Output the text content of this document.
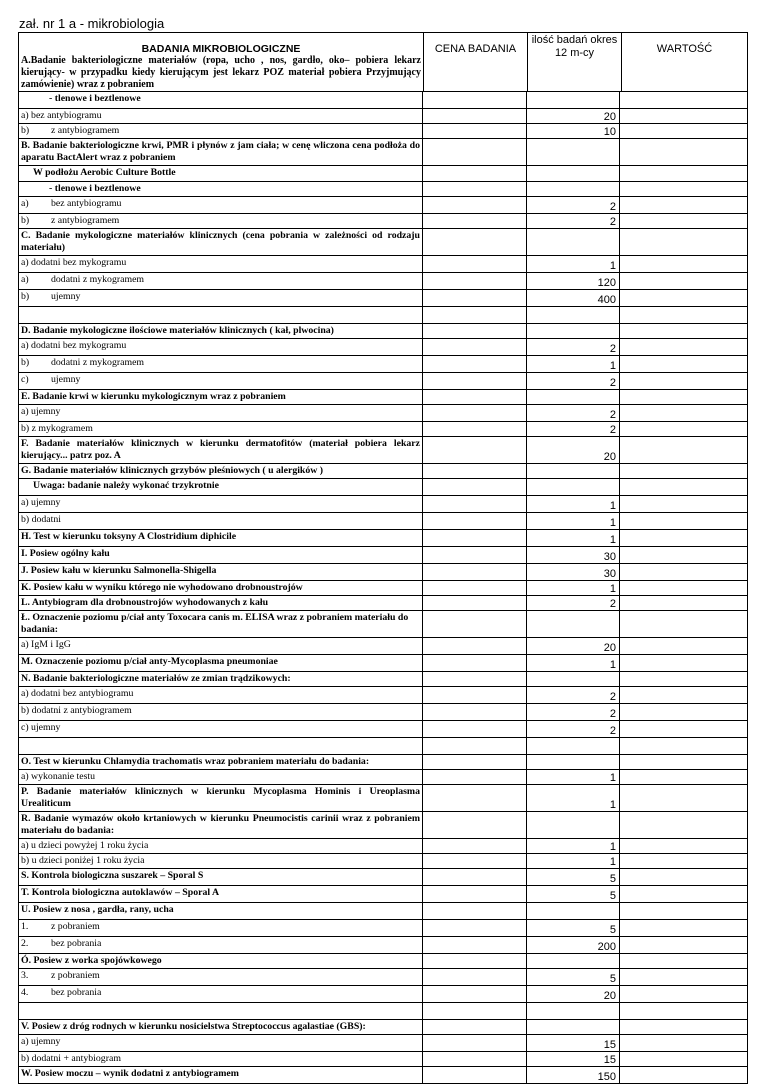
zał. nr 1 a - mikrobiologia
BADANIA MIKROBIOLOGICZNE
A.Badanie bakteriologiczne materiałów (ropa, ucho , nos, gardło, oko– pobiera lekarz kierujący- w przypadku kiedy kierującym jest lekarz POZ materiał pobiera Przyjmujący zamówienie) wraz z pobraniem
CENA BADANIA
ilość badań okres
12 m-cy	WARTOŚĆ
- tlenowe i beztlenowe
a) bez antybiogramu	20
b)	z antybiogramem	10
B. Badanie bakteriologiczne krwi, PMR i płynów z jam ciała; w cenę wliczona cena podłoża do aparatu BactAlert wraz z pobraniem
W podłożu Aerobic Culture Bottle
- tlenowe i beztlenowe
a)	bez antybiogramu	2
b)	z antybiogramem	2
C. Badanie mykologiczne materiałów klinicznych (cena pobrania w zależności od rodzaju materiału)
a) dodatni bez mykogramu	1
a)	dodatni z mykogramem	120
b)	ujemny	400
D. Badanie mykologiczne ilościowe materiałów klinicznych ( kał, plwocina)
a) dodatni bez mykogramu	2
b)	dodatni z mykogramem	1
c)	ujemny	2
E. Badanie krwi w kierunku mykologicznym wraz z pobraniem
a) ujemny	2
b) z mykogramem	2
F. Badanie materiałów klinicznych w kierunku dermatofitów (materiał pobiera lekarz kierujący... patrz poz. A	20
G. Badanie materiałów klinicznych grzybów pleśniowych ( u alergików )
Uwaga: badanie należy wykonać trzykrotnie
a) ujemny	1
b) dodatni	1
H. Test w kierunku toksyny A Clostridium diphicile	1
I. Posiew ogólny kału	30
J. Posiew kału w kierunku Salmonella-Shigella	30
K. Posiew kału w wyniku którego nie wyhodowano drobnoustrojów	1
L. Antybiogram dla drobnoustrojów wyhodowanych z kału	2
Ł. Oznaczenie poziomu p/ciał anty Toxocara canis m. ELISA wraz z pobraniem materiału do badania:
a) IgM i IgG	20
M. Oznaczenie poziomu p/ciał anty-Mycoplasma pneumoniae	1
N. Badanie bakteriologiczne materiałów ze zmian trądzikowych:
a) dodatni bez antybiogramu	2
b) dodatni z antybiogramem	2
c) ujemny	2
O. Test w kierunku Chlamydia trachomatis wraz pobraniem materiału do badania:
a) wykonanie testu	1
P. Badanie materiałów klinicznych w kierunku Mycoplasma Hominis i Ureoplasma Urealiticum	1
R. Badanie wymazów około krtaniowych w kierunku Pneumocistis carinii wraz z pobraniem materiału do badania:
a) u dzieci powyżej 1 roku życia	1
b) u dzieci poniżej 1 roku życia	1
S. Kontrola biologiczna suszarek – Sporal S	5
T. Kontrola biologiczna autoklawów – Sporal A	5
U. Posiew z nosa , gardła, rany, ucha
1.	z pobraniem	5
2.	bez pobrania	200
Ó. Posiew z worka spojówkowego
3.	z pobraniem	5
4.	bez pobrania	20
V. Posiew z dróg rodnych w kierunku nosicielstwa Streptococcus agalastiae (GBS):
a) ujemny	15
b) dodatni + antybiogram	15
W. Posiew moczu – wynik dodatni z antybiogramem	150
